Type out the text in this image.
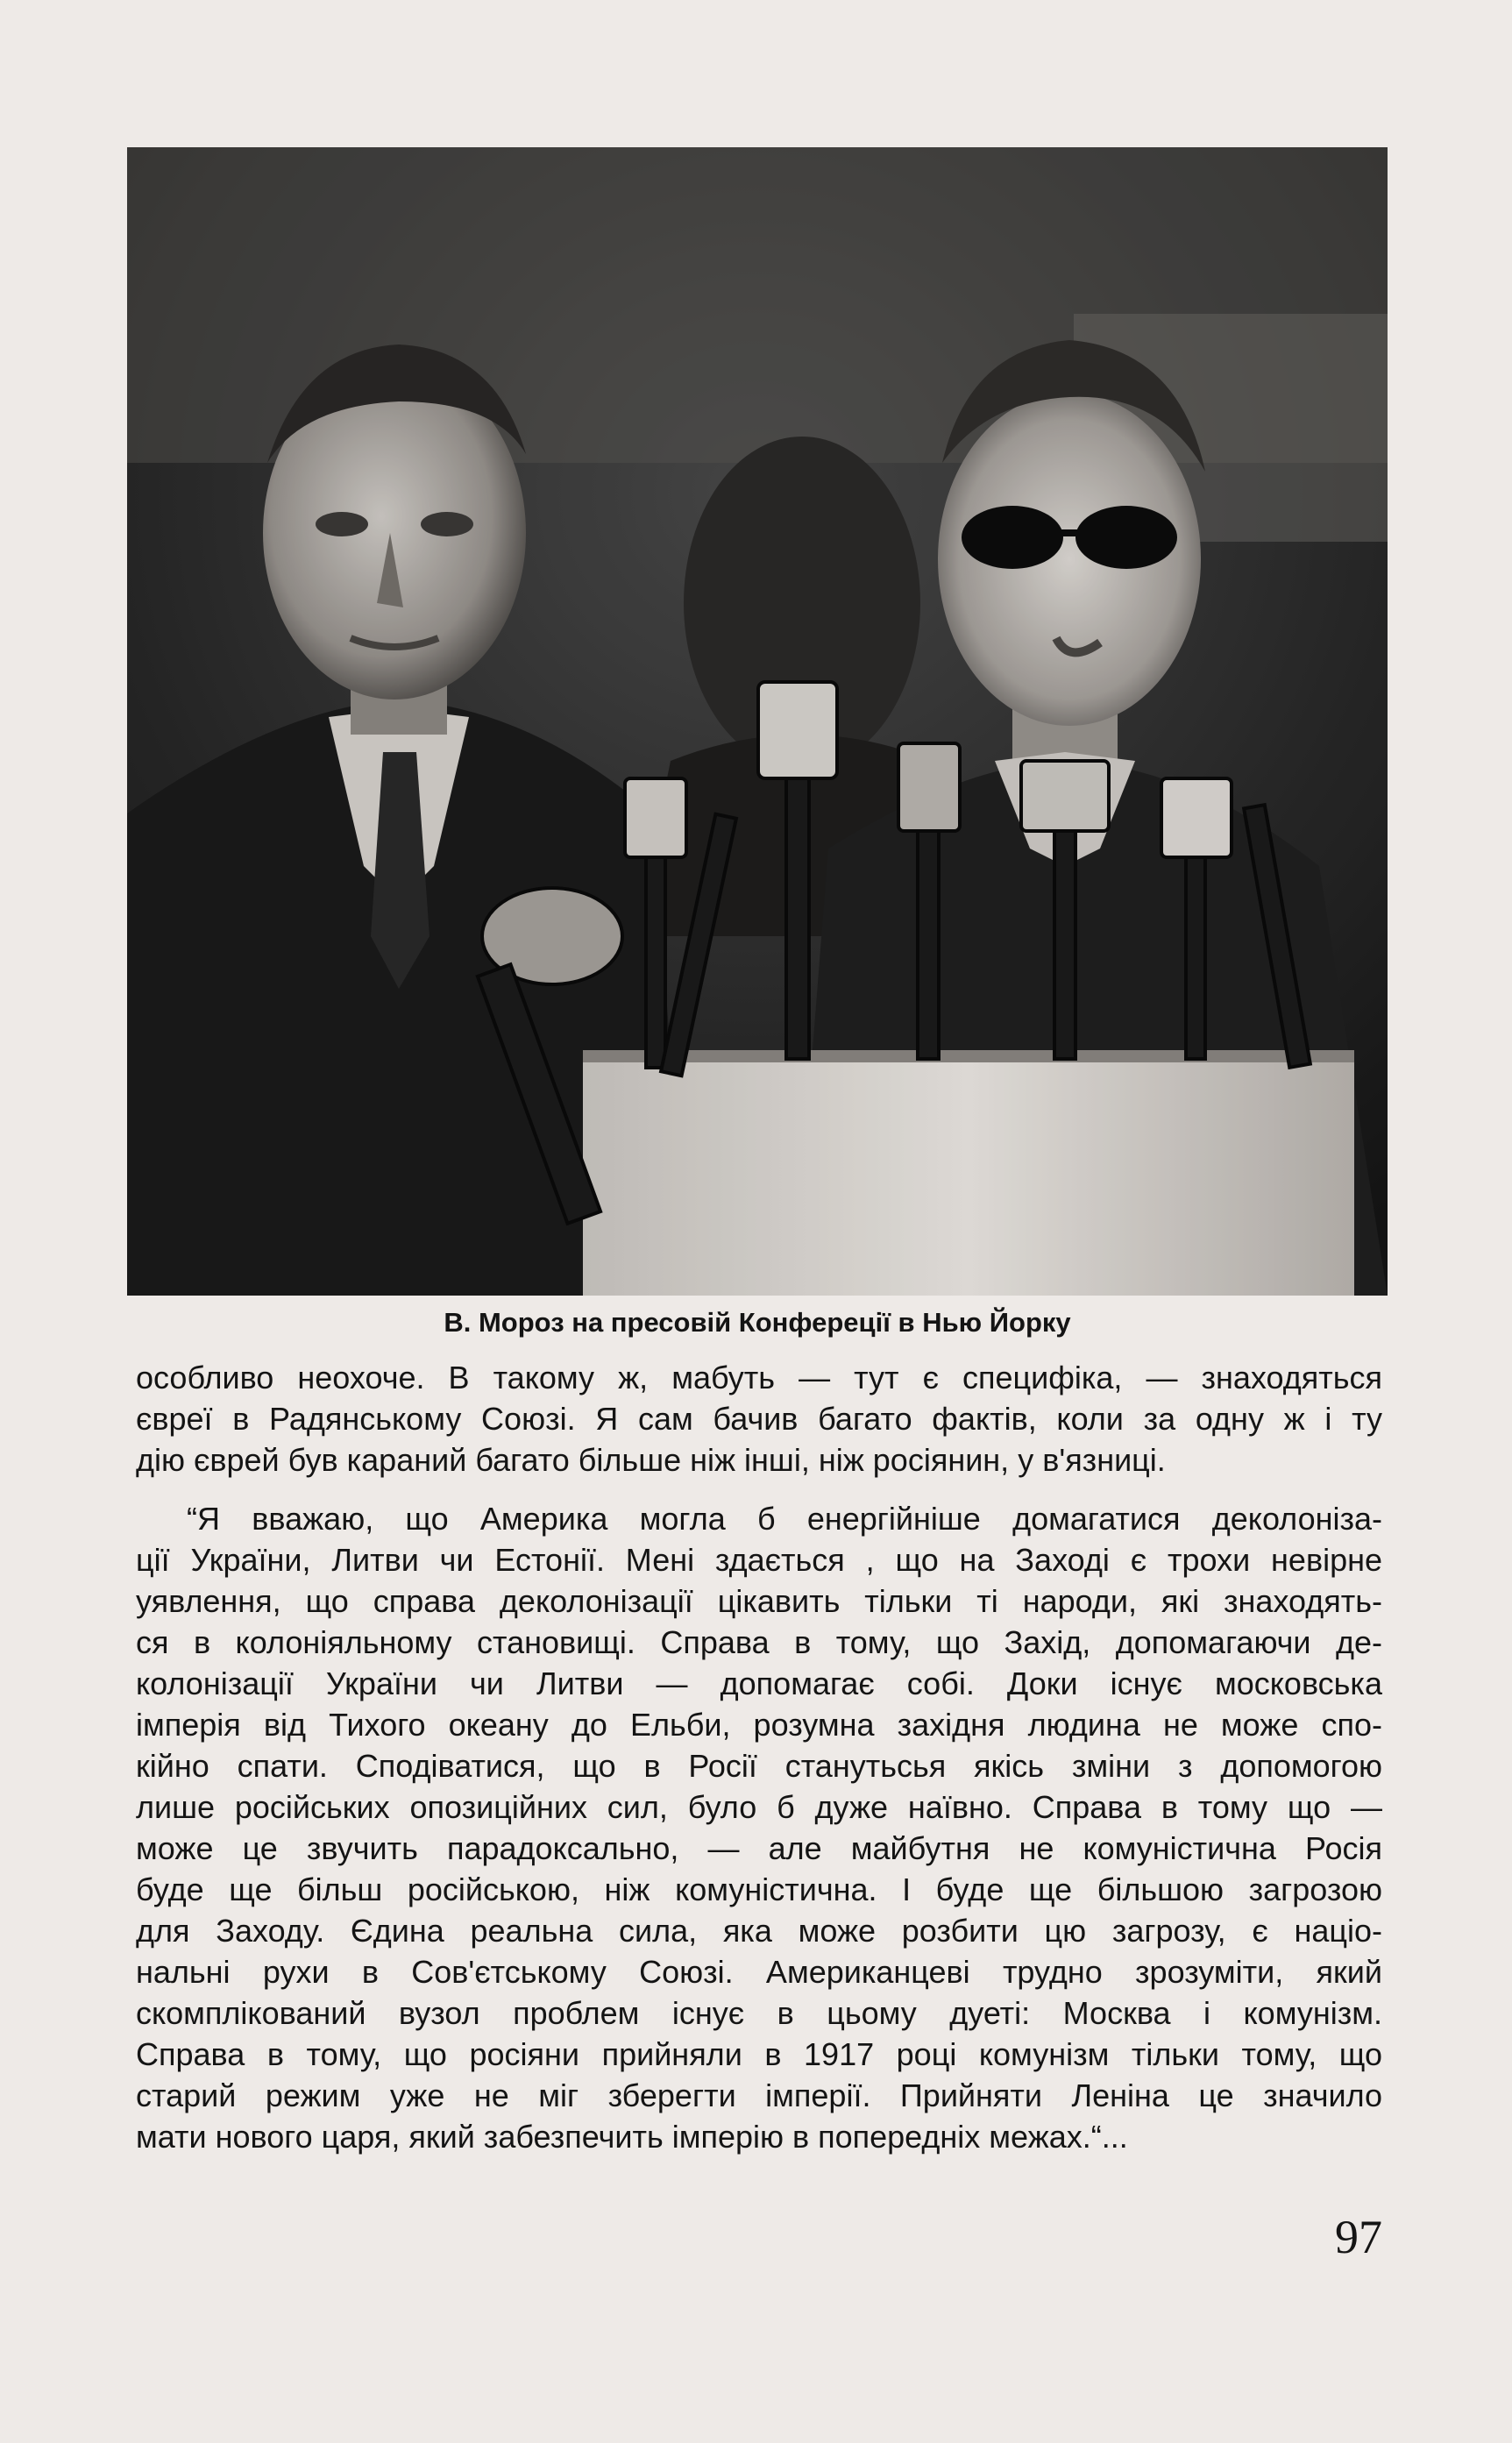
В. Мороз на пресовій Конфереції в Нью Йорку

особливо неохоче. В такому ж, мабуть — тут є специфіка, — знаходяться
євреї в Радянському Союзі. Я сам бачив багато фактів, коли за одну ж і ту
дію єврей був караний багато більше ніж інші, ніж росіянин, у в'язниці.
“Я вважаю, що Америка могла б енергійніше домагатися деколоніза-
ції України, Литви чи Естонії. Мені здається , що на Заході є трохи невірне
уявлення, що справа деколонізації цікавить тільки ті народи, які знаходять-
ся в колоніяльному становищі. Справа в тому, що Захід, допомагаючи де-
колонізації України чи Литви — допомагає собі. Доки існує московська
імперія від Тихого океану до Ельби, розумна західня людина не може спо-
кійно спати. Сподіватися, що в Росії станутьсья якісь зміни з допомогою
лише російських опозиційних сил, було б дуже наївно. Справа в тому що —
може це звучить парадоксально, — але майбутня не комуністична Росія
буде ще більш російською, ніж комуністична. І буде ще більшою загрозою
для Заходу. Єдина реальна сила, яка може розбити цю загрозу, є націо-
нальні рухи в Сов'єтському Союзі. Американцеві трудно зрозуміти, який
скомплікований вузол проблем існує в цьому дуеті: Москва і комунізм.
Справа в тому, що росіяни прийняли в 1917 році комунізм тільки тому, що
старий режим уже не міг зберегти імперії. Прийняти Леніна це значило
мати нового царя, який забезпечить імперію в попередніх межах.“...

97
